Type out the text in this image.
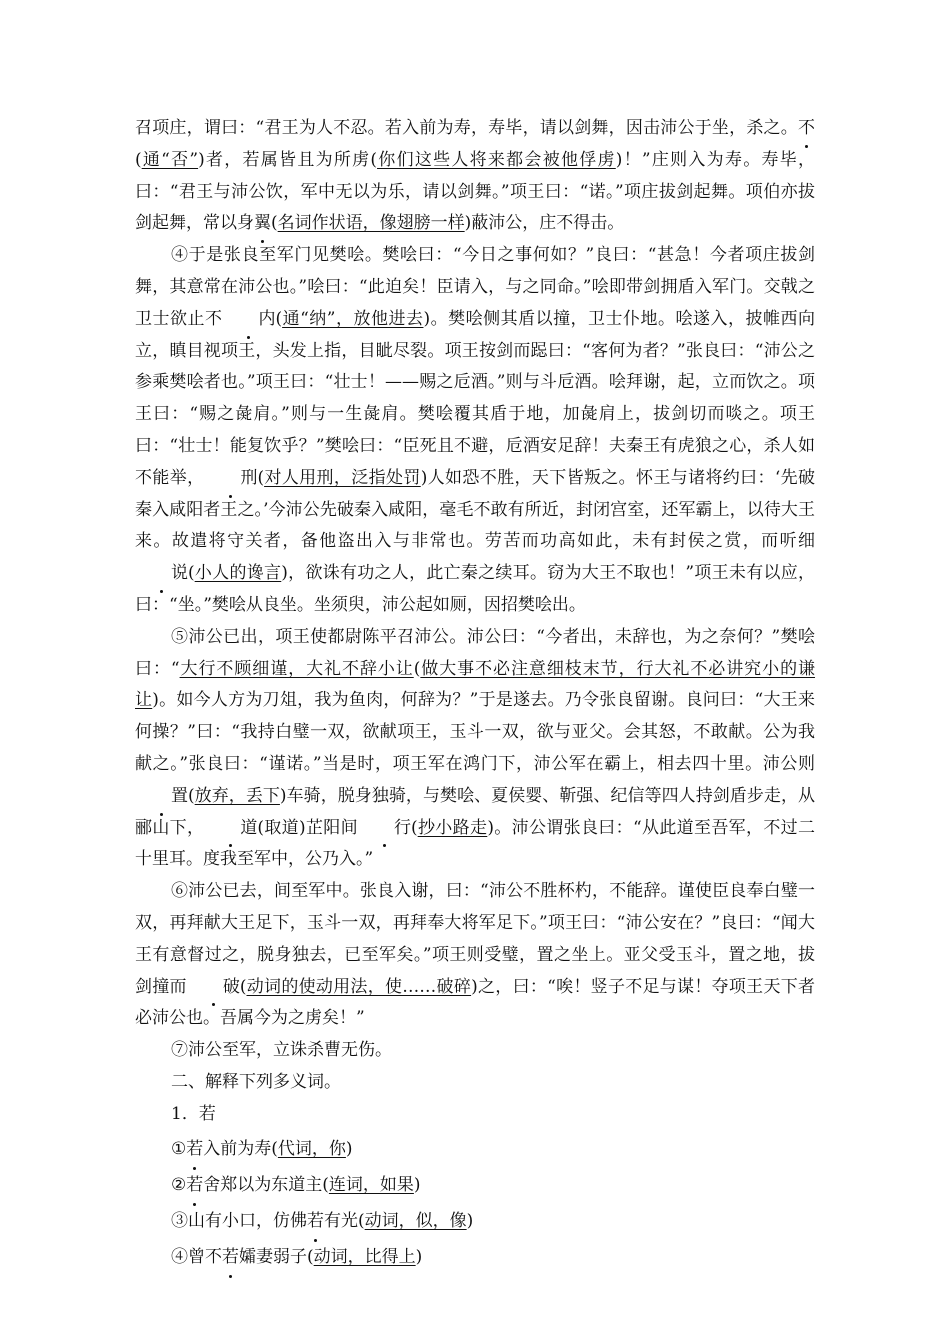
召项庄，谓曰：“君王为人不忍。若入前为寿，寿毕，请以剑舞，因击沛公于坐，杀之。不(通“否”)者，若属皆且为所虏(你们这些人将来都会被他俘虏)！”庄则入为寿。寿毕，曰：“君王与沛公饮，军中无以为乐，请以剑舞。”项王曰：“诺。”项庄拔剑起舞。项伯亦拔剑起舞，常以身翼(名词作状语，像翅膀一样)蔽沛公，庄不得击。

④于是张良至军门见樊哙。樊哙曰：“今日之事何如？”良曰：“甚急！今者项庄拔剑舞，其意常在沛公也。”哙曰：“此迫矣！臣请入，与之同命。”哙即带剑拥盾入军门。交戟之卫士欲止不 内(通“纳”，放他进去)。樊哙侧其盾以撞，卫士仆地。哙遂入，披帷西向立，瞋目视项王，头发上指，目眦尽裂。项王按剑而跽曰：“客何为者？”张良曰：“沛公之参乘樊哙者也。”项王曰：“壮士！——赐之卮酒。”则与斗卮酒。哙拜谢，起，立而饮之。项王曰：“赐之彘肩。”则与一生彘肩。樊哙覆其盾于地，加彘肩上，拔剑切而啖之。项王曰：“壮士！能复饮乎？”樊哙曰：“臣死且不避，卮酒安足辞！夫秦王有虎狼之心，杀人如不能举， 刑(对人用刑，泛指处罚)人如恐不胜，天下皆叛之。怀王与诸将约曰：‘先破秦入咸阳者王之。’今沛公先破秦入咸阳，毫毛不敢有所近，封闭宫室，还军霸上，以待大王来。故遣将守关者，备他盗出入与非常也。劳苦而功高如此，未有封侯之赏，而听细说(小人的谗言)，欲诛有功之人，此亡秦之续耳。窃为大王不取也！”项王未有以应，曰：“坐。”樊哙从良坐。坐须臾，沛公起如厕，因招樊哙出。

⑤沛公已出，项王使都尉陈平召沛公。沛公曰：“今者出，未辞也，为之奈何？”樊哙曰：“大行不顾细谨，大礼不辞小让(做大事不必注意细枝末节，行大礼不必讲究小的谦让)。如今人方为刀俎，我为鱼肉，何辞为？”于是遂去。乃令张良留谢。良问曰：“大王来何操？”曰：“我持白璧一双，欲献项王，玉斗一双，欲与亚父。会其怒，不敢献。公为我献之。”张良曰：“谨诺。”当是时，项王军在鸿门下，沛公军在霸上，相去四十里。沛公则置(放弃，丢下)车骑，脱身独骑，与樊哙、夏侯婴、靳强、纪信等四人持剑盾步走，从郦山下， 道(取道)芷阳间 行(抄小路走)。沛公谓张良曰：“从此道至吾军，不过二十里耳。度我至军中，公乃入。”

⑥沛公已去，间至军中。张良入谢，曰：“沛公不胜杯杓，不能辞。谨使臣良奉白璧一双，再拜献大王足下，玉斗一双，再拜奉大将军足下。”项王曰：“沛公安在？”良曰：“闻大王有意督过之，脱身独去，已至军矣。”项王则受璧，置之坐上。亚父受玉斗，置之地，拔剑撞而 破(动词的使动用法，使……破碎)之，曰：“唉！竖子不足与谋！夺项王天下者必沛公也。吾属今为之虏矣！”

⑦沛公至军，立诛杀曹无伤。

二、解释下列多义词。

1．若

①若入前为寿(代词，你)

②若舍郑以为东道主(连词，如果)

③山有小口，仿佛若有光(动词，似，像)

④曾不若孀妻弱子(动词，比得上)
